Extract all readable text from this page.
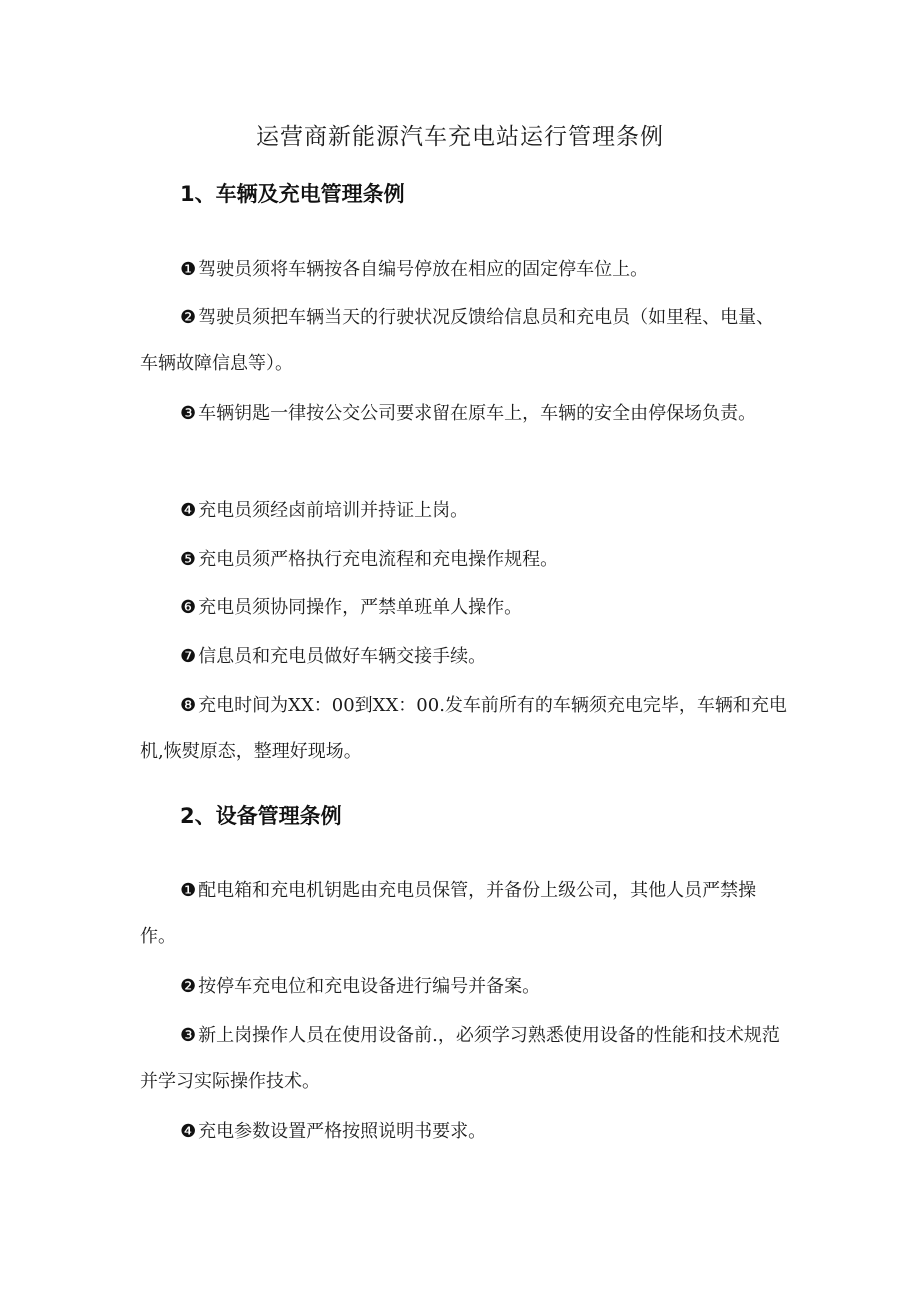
运营商新能源汽车充电站运行管理条例
1、车辆及充电管理条例
❶ 驾驶员须将车辆按各自编号停放在相应的固定停车位上。
❷ 驾驶员须把车辆当天的行驶状况反馈给信息员和充电员（如里程、电量、车辆故障信息等）。
❸ 车辆钥匙一律按公交公司要求留在原车上，车辆的安全由停保场负责。
❹ 充电员须经卤前培训并持证上岗。
❺ 充电员须严格执行充电流程和充电操作规程。
❻ 充电员须协同操作，严禁单班单人操作。
❼ 信息员和充电员做好车辆交接手续。
❽ 充电时间为XX：00到XX：00.发车前所有的车辆须充电完毕，车辆和充电机,恢熨原态，整理好现场。
2、设备管理条例
❶ 配电箱和充电机钥匙由充电员保管，并备份上级公司，其他人员严禁操作。
❷ 按停车充电位和充电设备进行编号并备案。
❸ 新上岗操作人员在使用设备前.，必须学习熟悉使用设备的性能和技术规范并学习实际操作技术。
❹ 充电参数设置严格按照说明书要求。
